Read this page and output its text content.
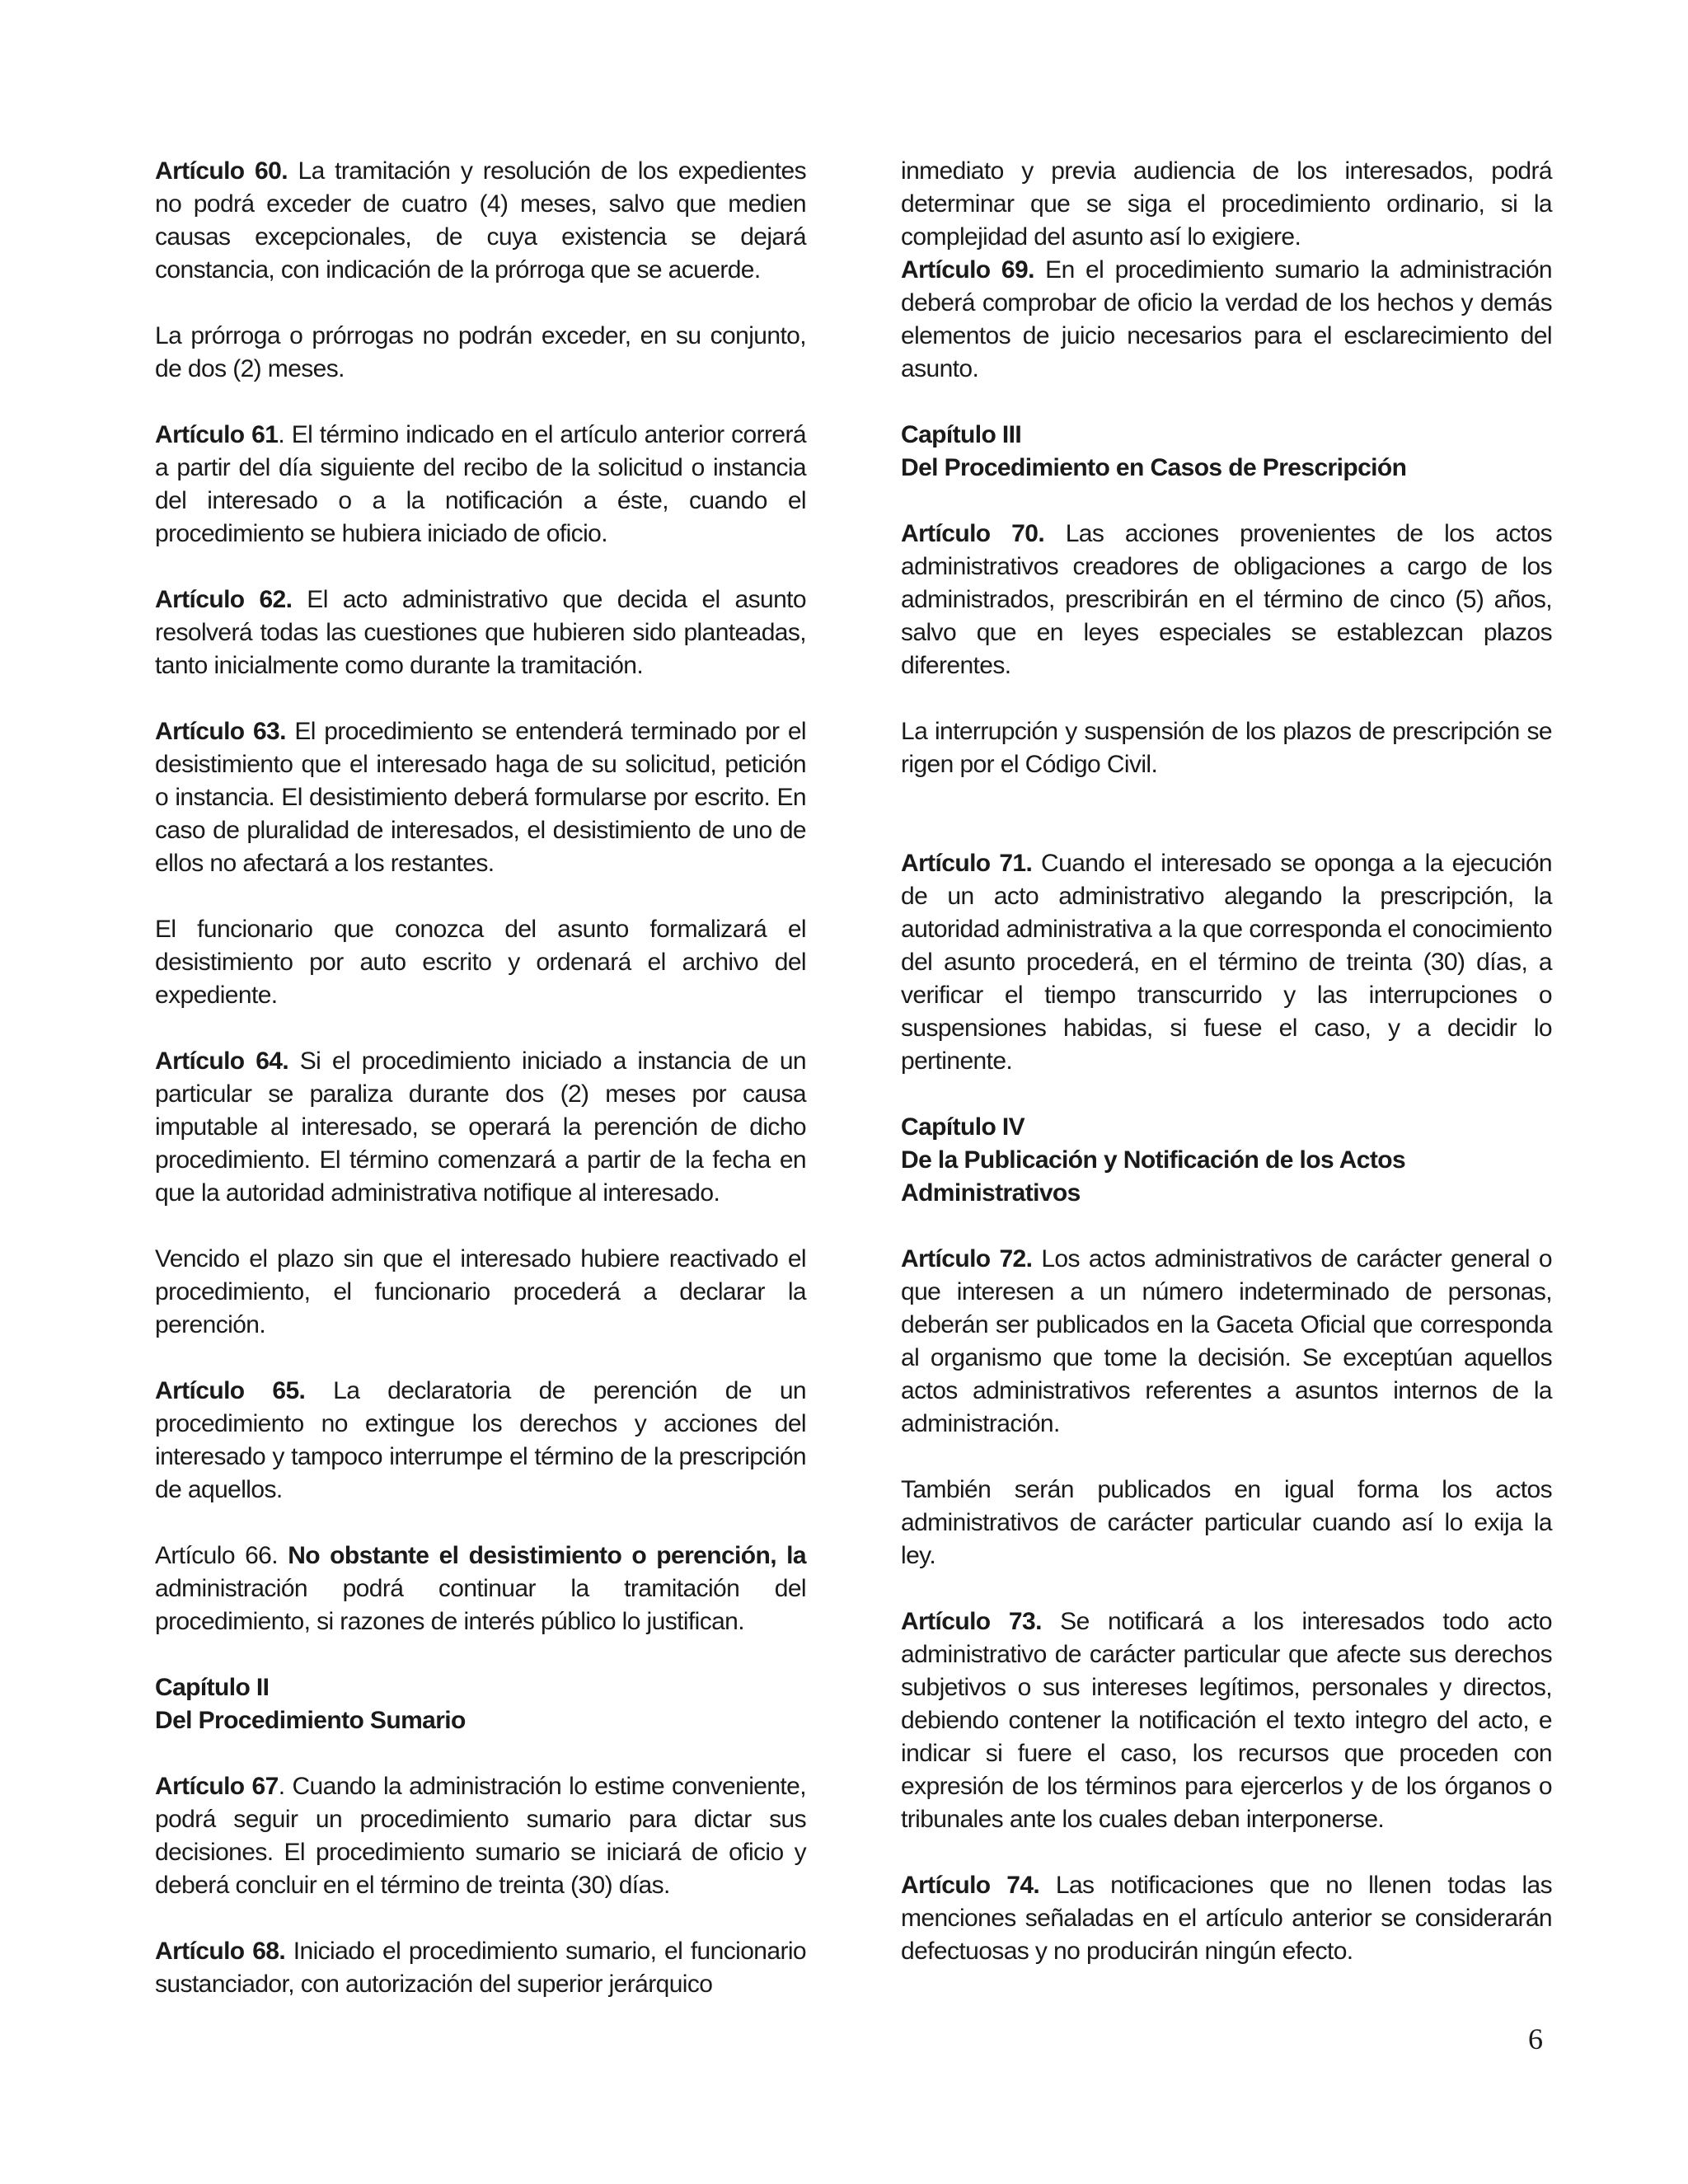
Artículo 60. La tramitación y resolución de los expedientes no podrá exceder de cuatro (4) meses, salvo que medien causas excepcionales, de cuya existencia se dejará constancia, con indicación de la prórroga que se acuerde.

La prórroga o prórrogas no podrán exceder, en su conjunto, de dos (2) meses.

Artículo 61. El término indicado en el artículo anterior correrá a partir del día siguiente del recibo de la solicitud o instancia del interesado o a la notificación a éste, cuando el procedimiento se hubiera iniciado de oficio.

Artículo 62. El acto administrativo que decida el asunto resolverá todas las cuestiones que hubieren sido planteadas, tanto inicialmente como durante la tramitación.

Artículo 63. El procedimiento se entenderá terminado por el desistimiento que el interesado haga de su solicitud, petición o instancia. El desistimiento deberá formularse por escrito. En caso de pluralidad de interesados, el desistimiento de uno de ellos no afectará a los restantes.

El funcionario que conozca del asunto formalizará el desistimiento por auto escrito y ordenará el archivo del expediente.

Artículo 64. Si el procedimiento iniciado a instancia de un particular se paraliza durante dos (2) meses por causa imputable al interesado, se operará la perención de dicho procedimiento. El término comenzará a partir de la fecha en que la autoridad administrativa notifique al interesado.

Vencido el plazo sin que el interesado hubiere reactivado el procedimiento, el funcionario procederá a declarar la perención.

Artículo 65. La declaratoria de perención de un procedimiento no extingue los derechos y acciones del interesado y tampoco interrumpe el término de la prescripción de aquellos.

Artículo 66. No obstante el desistimiento o perención, la administración podrá continuar la tramitación del procedimiento, si razones de interés público lo justifican.

Capítulo II
Del Procedimiento Sumario

Artículo 67. Cuando la administración lo estime conveniente, podrá seguir un procedimiento sumario para dictar sus decisiones. El procedimiento sumario se iniciará de oficio y deberá concluir en el término de treinta (30) días.

Artículo 68. Iniciado el procedimiento sumario, el funcionario sustanciador, con autorización del superior jerárquico

inmediato y previa audiencia de los interesados, podrá determinar que se siga el procedimiento ordinario, si la complejidad del asunto así lo exigiere.

Artículo 69. En el procedimiento sumario la administración deberá comprobar de oficio la verdad de los hechos y demás elementos de juicio necesarios para el esclarecimiento del asunto.

Capítulo III
Del Procedimiento en Casos de Prescripción

Artículo 70. Las acciones provenientes de los actos administrativos creadores de obligaciones a cargo de los administrados, prescribirán en el término de cinco (5) años, salvo que en leyes especiales se establezcan plazos diferentes.

La interrupción y suspensión de los plazos de prescripción se rigen por el Código Civil.

Artículo 71. Cuando el interesado se oponga a la ejecución de un acto administrativo alegando la prescripción, la autoridad administrativa a la que corresponda el conocimiento del asunto procederá, en el término de treinta (30) días, a verificar el tiempo transcurrido y las interrupciones o suspensiones habidas, si fuese el caso, y a decidir lo pertinente.

Capítulo IV
De la Publicación y Notificación de los Actos
Administrativos

Artículo 72. Los actos administrativos de carácter general o que interesen a un número indeterminado de personas, deberán ser publicados en la Gaceta Oficial que corresponda al organismo que tome la decisión. Se exceptúan aquellos actos administrativos referentes a asuntos internos de la administración.

También serán publicados en igual forma los actos administrativos de carácter particular cuando así lo exija la ley.

Artículo 73. Se notificará a los interesados todo acto administrativo de carácter particular que afecte sus derechos subjetivos o sus intereses legítimos, personales y directos, debiendo contener la notificación el texto integro del acto, e indicar si fuere el caso, los recursos que proceden con expresión de los términos para ejercerlos y de los órganos o tribunales ante los cuales deban interponerse.

Artículo 74. Las notificaciones que no llenen todas las menciones señaladas en el artículo anterior se considerarán defectuosas y no producirán ningún efecto.

6
